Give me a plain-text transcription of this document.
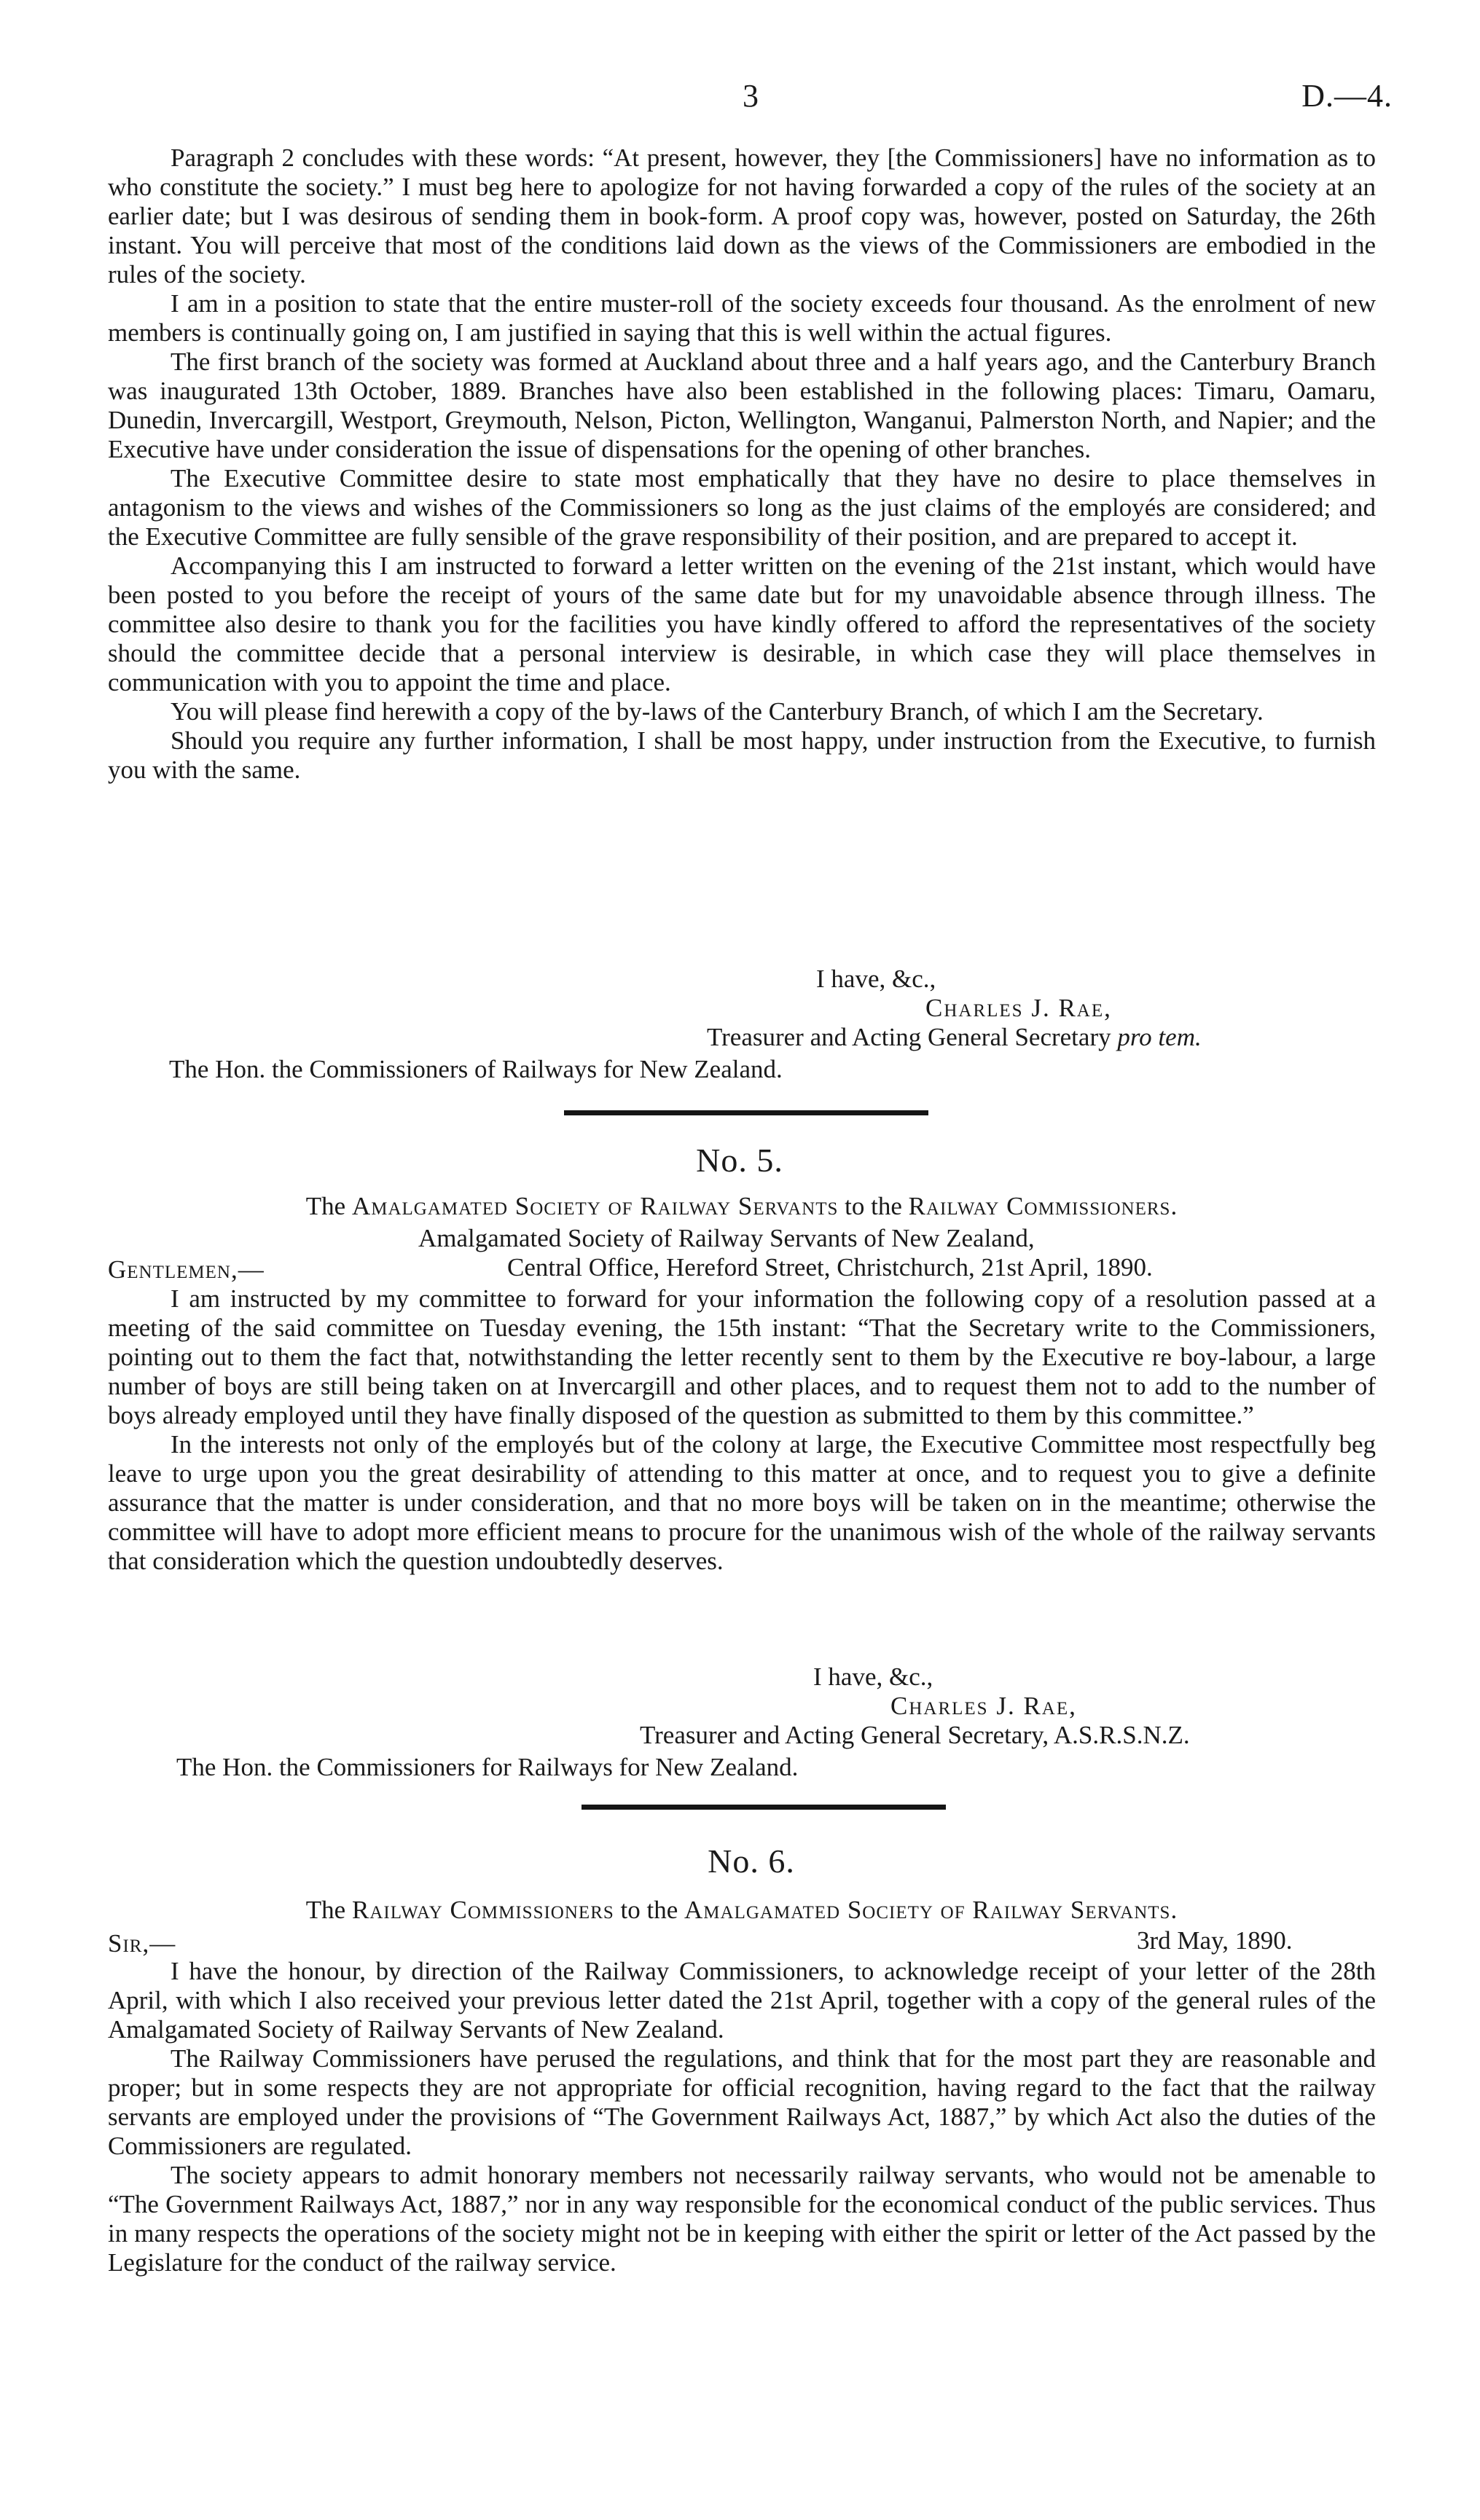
3	D.—4.

Paragraph 2 concludes with these words: “At present, however, they [the Commissioners] have no information as to who constitute the society.” I must beg here to apologize for not having forwarded a copy of the rules of the society at an earlier date; but I was desirous of sending them in book-form. A proof copy was, however, posted on Saturday, the 26th instant. You will perceive that most of the conditions laid down as the views of the Commissioners are embodied in the rules of the society.

I am in a position to state that the entire muster-roll of the society exceeds four thousand. As the enrolment of new members is continually going on, I am justified in saying that this is well within the actual figures.

The first branch of the society was formed at Auckland about three and a half years ago, and the Canterbury Branch was inaugurated 13th October, 1889. Branches have also been established in the following places: Timaru, Oamaru, Dunedin, Invercargill, Westport, Greymouth, Nelson, Picton, Wellington, Wanganui, Palmerston North, and Napier; and the Executive have under consideration the issue of dispensations for the opening of other branches.

The Executive Committee desire to state most emphatically that they have no desire to place themselves in antagonism to the views and wishes of the Commissioners so long as the just claims of the employés are considered; and the Executive Committee are fully sensible of the grave responsibility of their position, and are prepared to accept it.

Accompanying this I am instructed to forward a letter written on the evening of the 21st instant, which would have been posted to you before the receipt of yours of the same date but for my unavoidable absence through illness. The committee also desire to thank you for the facilities you have kindly offered to afford the representatives of the society should the committee decide that a personal interview is desirable, in which case they will place themselves in communication with you to appoint the time and place.

You will please find herewith a copy of the by-laws of the Canterbury Branch, of which I am the Secretary.

Should you require any further information, I shall be most happy, under instruction from the Executive, to furnish you with the same.

I have, &c.,
Charles J. Rae,
Treasurer and Acting General Secretary pro tem.
The Hon. the Commissioners of Railways for New Zealand.
No. 5.
The Amalgamated Society of Railway Servants to the Railway Commissioners.
Amalgamated Society of Railway Servants of New Zealand,
Gentlemen,—	Central Office, Hereford Street, Christchurch, 21st April, 1890.

I am instructed by my committee to forward for your information the following copy of a resolution passed at a meeting of the said committee on Tuesday evening, the 15th instant: “That the Secretary write to the Commissioners, pointing out to them the fact that, notwithstanding the letter recently sent to them by the Executive re boy-labour, a large number of boys are still being taken on at Invercargill and other places, and to request them not to add to the number of boys already employed until they have finally disposed of the question as submitted to them by this committee.”

In the interests not only of the employés but of the colony at large, the Executive Committee most respectfully beg leave to urge upon you the great desirability of attending to this matter at once, and to request you to give a definite assurance that the matter is under consideration, and that no more boys will be taken on in the meantime; otherwise the committee will have to adopt more efficient means to procure for the unanimous wish of the whole of the railway servants that consideration which the question undoubtedly deserves.

I have, &c.,
Charles J. Rae,
Treasurer and Acting General Secretary, A.S.R.S.N.Z.
The Hon. the Commissioners for Railways for New Zealand.
No. 6.
The Railway Commissioners to the Amalgamated Society of Railway Servants.
Sir,—	3rd May, 1890.

I have the honour, by direction of the Railway Commissioners, to acknowledge receipt of your letter of the 28th April, with which I also received your previous letter dated the 21st April, together with a copy of the general rules of the Amalgamated Society of Railway Servants of New Zealand.

The Railway Commissioners have perused the regulations, and think that for the most part they are reasonable and proper; but in some respects they are not appropriate for official recognition, having regard to the fact that the railway servants are employed under the provisions of “The Government Railways Act, 1887,” by which Act also the duties of the Commissioners are regulated.

The society appears to admit honorary members not necessarily railway servants, who would not be amenable to “The Government Railways Act, 1887,” nor in any way responsible for the economical conduct of the public services. Thus in many respects the operations of the society might not be in keeping with either the spirit or letter of the Act passed by the Legislature for the conduct of the railway service.
